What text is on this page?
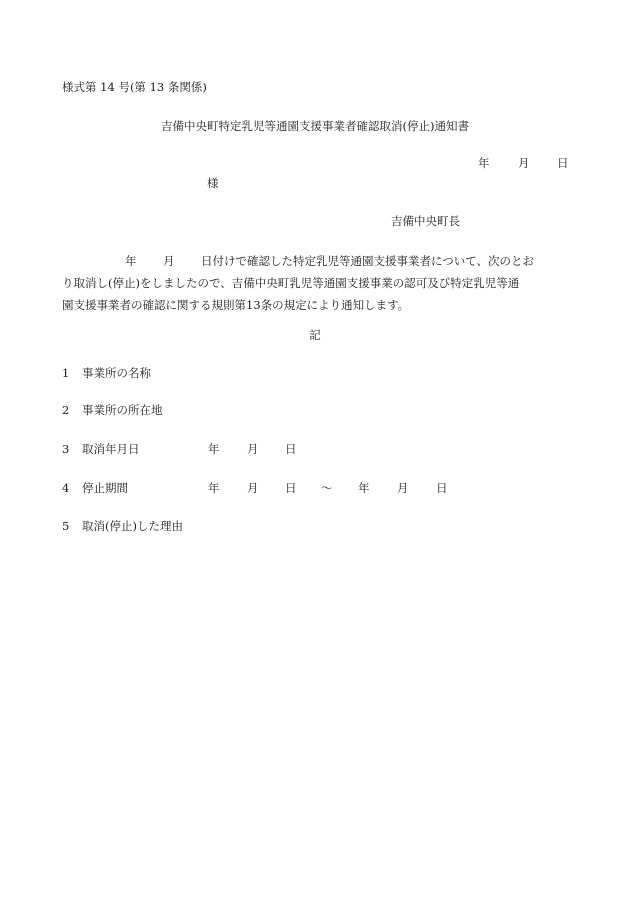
様式第 14 号(第 13 条関係)
吉備中央町特定乳児等通園支援事業者確認取消(停止)通知書
年 月 日
様
吉備中央町長
年 月 日付けで確認した特定乳児等通園支援事業者について、次のとお
り取消し(停止)をしましたので、吉備中央町乳児等通園支援事業の認可及び特定乳児等通
園支援事業者の確認に関する規則第13条の規定により通知します。
記
1 事業所の名称
2 事業所の所在地
3 取消年月日	年 月 日
4 停止期間	年 月 日 〜 年 月 日
5 取消(停止)した理由
